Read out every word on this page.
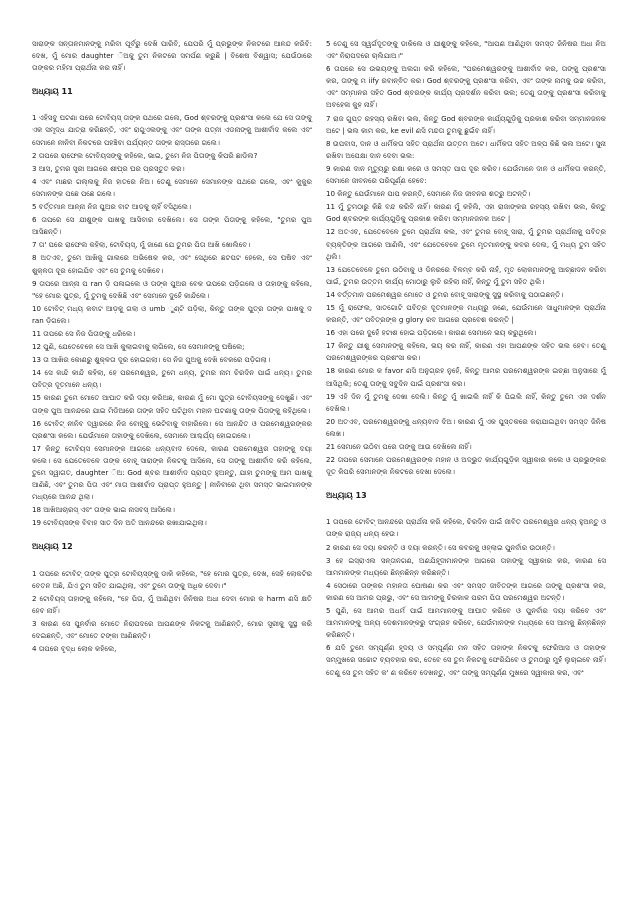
ସାରାଙ୍କ ସନ୍ତାନମାନଙ୍କୁ ମରିବା ପୂର୍ବରୁ ଦେଖି ପାରିବି, ଯେପରି ମୁଁ ପ୍ରଭୁଙ୍କ ନିକଟରେ ଆନନ୍ଦ କରିବି: ଦେଖ, ମୁଁ ମୋର daughter ିଅକୁ ତୁମ ନିକଟରେ ସମର୍ପଣ କରୁଛି | ବିଶେଷ ବିଶ୍ୱାସ; ଯେଉଁଠାରେ ତାଙ୍କର ମହିମା ପ୍ରାର୍ଥନା କର ନାହିଁ।

ଅଧ୍ୟାୟ 11

1 ଏହିସବୁ ଘଟଣା ପରେ ଟୋବିୟସ୍ ତାଙ୍କ ପଥରେ ଗଲେ, God ଶ୍ବରଙ୍କୁ ପ୍ରଶଂସା କଲେ ଯେ ସେ ତାଙ୍କୁ ଏକ ସମୃଦ୍ଧ ଯାତ୍ରା କରିଛନ୍ତି, ଏବଂ ରାଗୁଏଲଙ୍କୁ ଏବଂ ତାଙ୍କ ପତ୍ନୀ ଏଡନାଙ୍କୁ ଆଶୀର୍ବାଦ କଲେ ଏବଂ ସେମାନେ ନୀନିବୀ ନିକଟରେ ପହଞ୍ଚିବା ପର୍ଯ୍ୟନ୍ତ ତାଙ୍କ ରାସ୍ତାରେ ଗଲେ।

2 ତାପରେ ରାଫେଲ ଟୋବିୟସଙ୍କୁ କହିଲେ, ଭାଇ, ତୁମେ ନିଜ ପିତାଙ୍କୁ କିପରି ଛାଡିଲ?

3 ଆସ, ତୁମର ସ୍ତ୍ରୀ ଆଗରେ ଶୀଘ୍ର ଘର ପ୍ରସ୍ତୁତ କର।

4 ଏବଂ ମାଛର ଗଲ୍ଲକୁ ନିଜ ହାତରେ ନିଅ। ତେଣୁ ସେମାନେ ସେମାନଙ୍କ ପଥରେ ଗଲେ, ଏବଂ କୁକୁର ସେମାନଙ୍କ ପଛେ ପଛେ ଗଲେ।

5 ବର୍ତ୍ତମାନ ଆନ୍ନା ନିଜ ପୁଅର ବାଟ ଆଡ଼କୁ ଚାହିଁ ବସିଥିଲେ।

6 ତାପରେ ସେ ଯୀଶୁଙ୍କ ପାଖକୁ ଆସିବାର ଦେଖିଲେ। ସେ ତାଙ୍କ ପିତାଙ୍କୁ କହିଲେ, "ତୁମର ପୁଅ ଆସିଛନ୍ତି।

7 ତା' ପରେ ରାଫେଲ କହିଲା, ଟୋବିୟସ୍, ମୁଁ ଜାଣେ ଯେ ତୁମର ପିତା ଆଖି ଖୋଲିବେ।

8 ଅତଏବ, ତୁମେ ଆଖିକୁ ଗାଲରେ ଅଭିଷେକ କର, ଏବଂ ସେଥିରେ ଛଟପଟ ହେଲେ, ସେ ଘଷିବ ଏବଂ ଶୁକ୍ଳତା ଦୂର ହୋଇଯିବ ଏବଂ ସେ ତୁମକୁ ଦେଖିବେ।

9 ତାପରେ ଆନ୍ନା ପ ran ଡ଼ି ପଳାଇଲେ ଓ ତାଙ୍କ ପୁଅର ବେକ ଉପରେ ପଡ଼ିଗଲେ ଓ ତାହାଙ୍କୁ କହିଲେ, "ହେ ମୋର ପୁତ୍ର, ମୁଁ ତୁମକୁ ଦେଖିଛି ଏବଂ ସେମାନେ ଦୁହେଁ କାନ୍ଦିଲେ।

10 ଟୋବିଟ୍ ମଧ୍ୟ କବାଟ ଆଡ଼କୁ ଗଲା ଓ umb ୁଣ୍ଟି ପଡ଼ିଲା, କିନ୍ତୁ ତାଙ୍କ ପୁତ୍ର ତାଙ୍କ ପାଖକୁ ଦ ran ଡ଼ିଗଲେ।

11 ତାପରେ ସେ ନିଜ ପିତାଙ୍କୁ ଧରିଲେ।

12 ପୁଣି, ଯେତେବେଳେ ସେ ଆଖି କୁଲାଇବାକୁ ଲାଗିଲେ, ସେ ସେମାନଙ୍କୁ ଘଷିଲେ;

13 ତା ଆଖିର କୋଣରୁ ଶୁକ୍ଳତା ଦୂର ହୋଇଗଲା। ସେ ନିଜ ପୁଅକୁ ଦେଖି ବେକରେ ପଡ଼ିଗଲା।

14 ସେ କାନ୍ଦି କାନ୍ଦି କହିଲା, ହେ ପରମେଶ୍ୱର, ତୁମେ ଧନ୍ୟ, ତୁମର ନାମ ଚିରଦିନ ପାଇଁ ଧନ୍ୟ। ତୁମର ପବିତ୍ର ଦୂତମାନେ ଧନ୍ୟ।

15 କାରଣ ତୁମେ ମୋତେ ଆଘାତ କରି ଦୟା କରିଅଛ, କାରଣ ମୁଁ ମୋ ପୁତ୍ର ଟୋବିୟସଙ୍କୁ ଦେଖୁଛି। ଏବଂ ତାଙ୍କ ପୁଅ ଆନନ୍ଦରେ ଯାଇ ମିଡିଆରେ ତାଙ୍କ ସହିତ ଘଟିଥିବା ମହାନ ଘଟଣାକୁ ତାଙ୍କ ପିତାଙ୍କୁ କହିଥିଲେ।

16 ଟୋବିଟ୍ ନୀନିବ ଦ୍ୱାରରେ ନିଜ ବୋହୂକୁ ଭେଟିବାକୁ ବାହାରିଲେ। ସେ ଆନନ୍ଦିତ ଓ ପରମେଶ୍ୱରଙ୍କର ପ୍ରଶଂସା କଲେ। ଯେଉଁମାନେ ତାହାଙ୍କୁ ଦେଖିଲେ, ସେମାନେ ଆଶ୍ଚର୍ଯ୍ୟ ହୋଇଗଲେ।

17 କିନ୍ତୁ ଟୋବିୟସ ସେମାନଙ୍କ ଆଗରେ ଧନ୍ୟବାଦ ଦେଲେ, କାରଣ ପରମେଶ୍ୱର ତାହାଙ୍କୁ ଦୟା କଲେ। ସେ ଯେତେବେଳେ ତାଙ୍କ ବୋହୂ ସାରାଙ୍କ ନିକଟକୁ ଆସିଲେ, ସେ ତାଙ୍କୁ ଆଶୀର୍ବାଦ କରି କହିଲେ, ତୁମେ ସ୍ୱାଗତ, daughter ିଅ: God ଶ୍ବର ଆଶୀର୍ବାଦ ପ୍ରାପ୍ତ ହୁଅନ୍ତୁ, ଯାହା ତୁମଙ୍କୁ ଆମ ପାଖକୁ ଆଣିଛି, ଏବଂ ତୁମର ପିତା ଏବଂ ମାତା ଆଶୀର୍ବାଦ ପ୍ରାପ୍ତ ହୁଅନ୍ତୁ | ନୀନିବୀରେ ଥିବା ସମସ୍ତ ଭାଇମାନଙ୍କ ମଧ୍ୟରେ ଆନନ୍ଦ ଥିଲା।

18 ଆଖିଆଚାରସ୍ ଏବଂ ତାଙ୍କ ଭାଇ ନାସବସ୍ ଆସିଲେ।

19 ଟୋବିୟସଙ୍କ ବିବାହ ସାତ ଦିନ ଅତି ଆନନ୍ଦରେ ରଖାଯାଇଥିଲା।

ଅଧ୍ୟାୟ 12

1 ତାପରେ ଟୋବିଟ୍ ତାଙ୍କ ପୁତ୍ର ଟୋବିୟସ୍ଙ୍କୁ ଡାକି କହିଲେ, "ହେ ମୋର ପୁତ୍ର, ଦେଖ, ସେହି ଲୋକଟିର ବେତନ ଅଛି, ଯିଏ ତୁମ ସହିତ ଯାଇଥିଲା, ଏବଂ ତୁମେ ତାଙ୍କୁ ଅଧିକ ଦେବା।"

2 ଟୋବିୟସ୍ ତାହାଙ୍କୁ କହିଲେ, "ହେ ପିତା, ମୁଁ ଆଣିଥିବା ଜିନିଷର ଅଧା ଦେବା ମୋର କ harm ଣସି କ୍ଷତି ହେବ ନାହିଁ।

3 କାରଣ ସେ ପୁନର୍ବାର ମୋତେ ନିରାପଦରେ ଆପଣଙ୍କ ନିକଟକୁ ଆଣିଛନ୍ତି, ମୋର ସ୍ତ୍ରୀକୁ ସୁସ୍ଥ କରି ଦେଇଛନ୍ତି, ଏବଂ ମୋତେ ଟଙ୍କା ଆଣିଛନ୍ତି।

4 ତାପରେ ବୃଦ୍ଧ ଲୋକ କହିଲେ,

5 ତେଣୁ ସେ ସ୍ୱର୍ଗଦୂତଙ୍କୁ ଡାକିଲେ ଓ ଯୀଶୁଙ୍କୁ କହିଲେ, "ଆପଣ ଆଣିଥିବା ସମସ୍ତ ଜିନିଷର ଅଧା ନିଅ ଏବଂ ନିରାପଦରେ ଚାଲିଯାଅ।"

6 ତାପରେ ସେ ଉଭୟଙ୍କୁ ଅଲଗା କରି କହିଲେ, "ପରମେଶ୍ୱରଙ୍କୁ ଆଶୀର୍ବାଦ କର, ତାଙ୍କୁ ପ୍ରଶଂସା କର, ତାଙ୍କୁ ମ iify ରବାନ୍ଵିତ କର। God ଶ୍ବରଙ୍କୁ ପ୍ରଶଂସା କରିବା, ଏବଂ ତାଙ୍କ ନାମକୁ ଉଚ୍ଚ କରିବା, ଏବଂ ସମ୍ମାନର ସହିତ God ଶ୍ବରଙ୍କ କାର୍ଯ୍ୟ ପ୍ରଦର୍ଶନ କରିବା ଭଲ; ତେଣୁ ତାଙ୍କୁ ପ୍ରଶଂସା କରିବାକୁ ଅବହେଳା କୁହ ନାହିଁ।

7 ରାଜ ଗୁପ୍ତ ରହସ୍ୟ ରଖିବା ଭଲ, କିନ୍ତୁ God ଶ୍ବରଙ୍କ କାର୍ଯ୍ୟଗୁଡ଼ିକୁ ପ୍ରକାଶ କରିବା ସମ୍ମାନଜନକ ଅଟେ | ଭଲ କାମ କର, ke evil ଣସି ମନ୍ଦତା ତୁମକୁ ଛୁଇଁବ ନାହିଁ।

8 ଉପବାସ, ଦାନ ଓ ଧାର୍ମିକତା ସହିତ ପ୍ରାର୍ଥନା ଉତ୍ତମ ଅଟେ। ଧାର୍ମିକତା ସହିତ ଅଳ୍ପ କିଛି ଭଲ ଅଟେ। ସୁନା ରଖିବା ଅପେକ୍ଷା ଦାନ ଦେବା ଭଲ:

9 କାରଣ ଦାନ ମୃତ୍ୟୁରୁ ରକ୍ଷା କରେ ଓ ସମସ୍ତ ପାପ ଦୂର କରିବ। ଯେଉଁମାନେ ଦାନ ଓ ଧାର୍ମିକତା କରନ୍ତି, ସେମାନେ ଜୀବନରେ ପରିପୂର୍ଣ୍ଣ ହେବେ:

10 କିନ୍ତୁ ଯେଉଁମାନେ ପାପ କରନ୍ତି, ସେମାନେ ନିଜ ଜୀବନର ଶତ୍ରୁ ଅଟନ୍ତି।

11 ମୁଁ ତୁମଠାରୁ କିଛି ବନ୍ଦ କରିବି ନାହିଁ। କାରଣ ମୁଁ କହିଲି, ଏହା ରାଜାଙ୍କର ରହସ୍ୟ ରଖିବା ଭଲ, କିନ୍ତୁ God ଶ୍ବରଙ୍କ କାର୍ଯ୍ୟଗୁଡ଼ିକୁ ପ୍ରକାଶ କରିବା ସମ୍ମାନଜନକ ଅଟେ |

12 ଅତଏବ, ଯେତେବେଳେ ତୁମେ ପ୍ରାର୍ଥନା କଲ, ଏବଂ ତୁମର ବୋହୂ ସାରା, ମୁଁ ତୁମର ପ୍ରାର୍ଥନାକୁ ପବିତ୍ର ବ୍ୟକ୍ତିଙ୍କ ଆଗରେ ଆଣିଲି, ଏବଂ ଯେତେବେଳେ ତୁମେ ମୃତମାନଙ୍କୁ କବର ଦେଲ, ମୁଁ ମଧ୍ୟ ତୁମ ସହିତ ଥିଲି।

13 ଯେତେବେଳେ ତୁମେ ଉଠିବାକୁ ଓ ଡିନରରେ ବିଳମ୍ବ କରି ନାହଁ, ମୃତ ଲୋକମାନଙ୍କୁ ଆଚ୍ଛାଦନ କରିବା ପାଇଁ, ତୁମର ଉତ୍ତମ କାର୍ଯ୍ୟ ମୋଠାରୁ ଲୁଚି ରହିଲା ନାହିଁ, କିନ୍ତୁ ମୁଁ ତୁମ ସହିତ ଥିଲି।

14 ବର୍ତ୍ତମାନ ପରମେଶ୍ୱର ମୋତେ ଓ ତୁମର ବୋହୂ ସାରାଙ୍କୁ ସୁସ୍ଥ କରିବାକୁ ପଠାଇଛନ୍ତି।

15 ମୁଁ ରାଫେଲ, ସାତଗୋଟି ପବିତ୍ର ଦୂତମାନଙ୍କ ମଧ୍ୟରୁ ଜଣେ, ଯେଉଁମାନେ ସାଧୁମାନଙ୍କ ପ୍ରାର୍ଥନା କରନ୍ତି, ଏବଂ ପବିତ୍ରଙ୍କ g glory ରବ ଆଗରେ ପ୍ରବେଶ କରନ୍ତି |

16 ଏହା ପରେ ଦୁହେଁ ହଟାଶ ହୋଇ ପଡ଼ିଗଲେ। କାରଣ ସେମାନେ ଭୟ କରୁଥିଲେ।

17 କିନ୍ତୁ ଯୀଶୁ ସେମାନଙ୍କୁ କହିଲେ, ଭୟ କର ନାହିଁ, କାରଣ ଏହା ଆପଣଙ୍କ ସହିତ ଭଲ ହେବ। ତେଣୁ ପରମେଶ୍ୱରଙ୍କର ପ୍ରଶଂସା କର।

18 କାରଣ ମୋର କ favor ଣସି ଅନୁଗ୍ରହ ନୁହେଁ, କିନ୍ତୁ ଆମର ପରମେଶ୍ୱରଙ୍କ ଇଚ୍ଛା ଅନୁସାରେ ମୁଁ ଆସିଥିଲି; ତେଣୁ ତାଙ୍କୁ ସବୁଦିନ ପାଇଁ ପ୍ରଶଂସା କର।

19 ଏହି ଦିନ ମୁଁ ତୁମକୁ ଦେଖା ଦେଲି। କିନ୍ତୁ ମୁଁ ଖାଇଲି ନାହିଁ କି ପିଇଲି ନାହିଁ, କିନ୍ତୁ ତୁମେ ଏକ ଦର୍ଶନ ଦେଖିଲ।

20 ଅତଏବ, ପରମେଶ୍ୱରଙ୍କୁ ଧନ୍ୟବାଦ ଦିଅ। କାରଣ ମୁଁ ଏକ ପୁସ୍ତକରେ କରାଯାଇଥିବା ସମସ୍ତ ଜିନିଷ ଲେଖ।

21 ସେମାନେ ଉଠିବା ପରେ ତାଙ୍କୁ ଆଉ ଦେଖିଲେ ନାହିଁ।

22 ତାପରେ ସେମାନେ ପରମେଶ୍ୱରଙ୍କ ମହାନ ଓ ଅଦ୍ଭୁତ କାର୍ଯ୍ୟଗୁଡ଼ିକ ସ୍ୱୀକାର କଲେ ଓ ପ୍ରଭୁଙ୍କର ଦୂତ କିପରି ସେମାନଙ୍କ ନିକଟରେ ଦେଖା ଦେଲେ।

ଅଧ୍ୟାୟ 13

1 ତାପରେ ଟୋବିଟ୍ ଆନନ୍ଦରେ ପ୍ରାର୍ଥନା କରି କହିଲେ, ଚିରଦିନ ପାଇଁ ଜୀବିତ ପରମେଶ୍ୱର ଧନ୍ୟ ହୁଅନ୍ତୁ ଓ ତାଙ୍କ ରାଜ୍ୟ ଧନ୍ୟ ହେଉ।

2 କାରଣ ସେ ଦୟା କରନ୍ତି ଓ ଦୟା କରନ୍ତି। ସେ କବରକୁ ଓହ୍ଲାଇ ପୁନର୍ବାର ଉଠାନ୍ତି।

3 ହେ ଇସ୍ରାଏଲ ସନ୍ତାନଗଣ, ଅଣଯିହୂଦୀମାନଙ୍କ ଆଗରେ ତାହାଙ୍କୁ ସ୍ୱୀକାର କର, କାରଣ ସେ ଆମମାନଙ୍କ ମଧ୍ୟରେ ଛିନ୍ନଛିନ୍ନ କରିଛନ୍ତି।

4 ସେଠାରେ ତାଙ୍କର ମହାନତା ଘୋଷଣା କର ଏବଂ ସମସ୍ତ ଜୀବିତଙ୍କ ଆଗରେ ତାଙ୍କୁ ପ୍ରଶଂସା କର, କାରଣ ସେ ଆମର ପ୍ରଭୁ, ଏବଂ ସେ ଆମଙ୍କୁ ଚିରକାଳ ପରମ ପିତା ପରମେଶ୍ୱର ଅଟନ୍ତି।

5 ପୁଣି, ସେ ଆମର ଅଧର୍ମ ପାଇଁ ଆମମାନଙ୍କୁ ଆଘାତ କରିବେ ଓ ପୁନର୍ବାର ଦୟା କରିବେ ଏବଂ ଆମମାନଙ୍କୁ ଅନ୍ୟ ଦେଶମାନଙ୍କରୁ ସଂଗ୍ରହ କରିବେ, ଯେଉଁମାନଙ୍କ ମଧ୍ୟରେ ସେ ଆମକୁ ଛିନ୍ନଛିନ୍ନ କରିଛନ୍ତି।

6 ଯଦି ତୁମେ ସମ୍ପୂର୍ଣ୍ଣ ହୃଦୟ ଓ ସମ୍ପୂର୍ଣ୍ଣ ମନ ସହିତ ତାହାଙ୍କ ନିକଟକୁ ଫେରିଆସ ଓ ତାହାଙ୍କ ସମ୍ମୁଖରେ ସଚ୍ଚୋଟ ବ୍ୟବହାର କର, ତେବେ ସେ ତୁମ ନିକଟକୁ ଫେରିଯିବେ ଓ ତୁମଠାରୁ ମୁହଁ ଲୁଚାଇବେ ନାହିଁ। ତେଣୁ ସେ ତୁମ ସହିତ କ' ଣ କରିବେ ଦେଖନ୍ତୁ, ଏବଂ ତାଙ୍କୁ ସମ୍ପୂର୍ଣ୍ଣ ମୁଖରେ ସ୍ୱୀକାର କର, ଏବଂ
